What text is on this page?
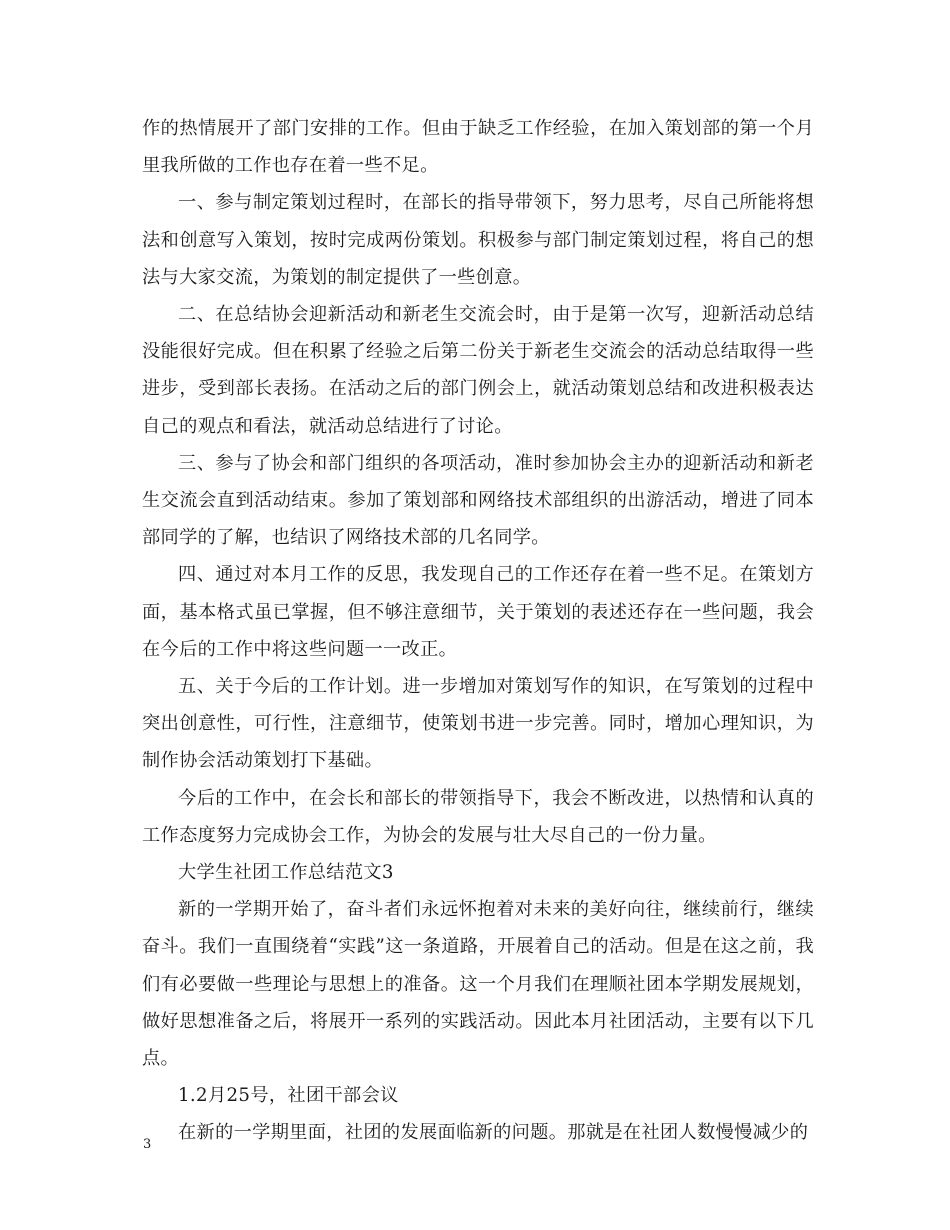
作的热情展开了部门安排的工作。但由于缺乏工作经验，在加入策划部的第一个月里我所做的工作也存在着一些不足。

一、参与制定策划过程时，在部长的指导带领下，努力思考，尽自己所能将想法和创意写入策划，按时完成两份策划。积极参与部门制定策划过程，将自己的想法与大家交流，为策划的制定提供了一些创意。

二、在总结协会迎新活动和新老生交流会时，由于是第一次写，迎新活动总结没能很好完成。但在积累了经验之后第二份关于新老生交流会的活动总结取得一些进步，受到部长表扬。在活动之后的部门例会上，就活动策划总结和改进积极表达自己的观点和看法，就活动总结进行了讨论。

三、参与了协会和部门组织的各项活动，准时参加协会主办的迎新活动和新老生交流会直到活动结束。参加了策划部和网络技术部组织的出游活动，增进了同本部同学的了解，也结识了网络技术部的几名同学。

四、通过对本月工作的反思，我发现自己的工作还存在着一些不足。在策划方面，基本格式虽已掌握，但不够注意细节，关于策划的表述还存在一些问题，我会在今后的工作中将这些问题一一改正。

五、关于今后的工作计划。进一步增加对策划写作的知识，在写策划的过程中突出创意性，可行性，注意细节，使策划书进一步完善。同时，增加心理知识，为制作协会活动策划打下基础。

今后的工作中，在会长和部长的带领指导下，我会不断改进，以热情和认真的工作态度努力完成协会工作，为协会的发展与壮大尽自己的一份力量。

大学生社团工作总结范文3

新的一学期开始了，奋斗者们永远怀抱着对未来的美好向往，继续前行，继续奋斗。我们一直围绕着“实践”这一条道路，开展着自己的活动。但是在这之前，我们有必要做一些理论与思想上的准备。这一个月我们在理顺社团本学期发展规划，做好思想准备之后，将展开一系列的实践活动。因此本月社团活动，主要有以下几点。

1.2月25号，社团干部会议

在新的一学期里面，社团的发展面临新的问题。那就是在社团人数慢慢减少的

3
